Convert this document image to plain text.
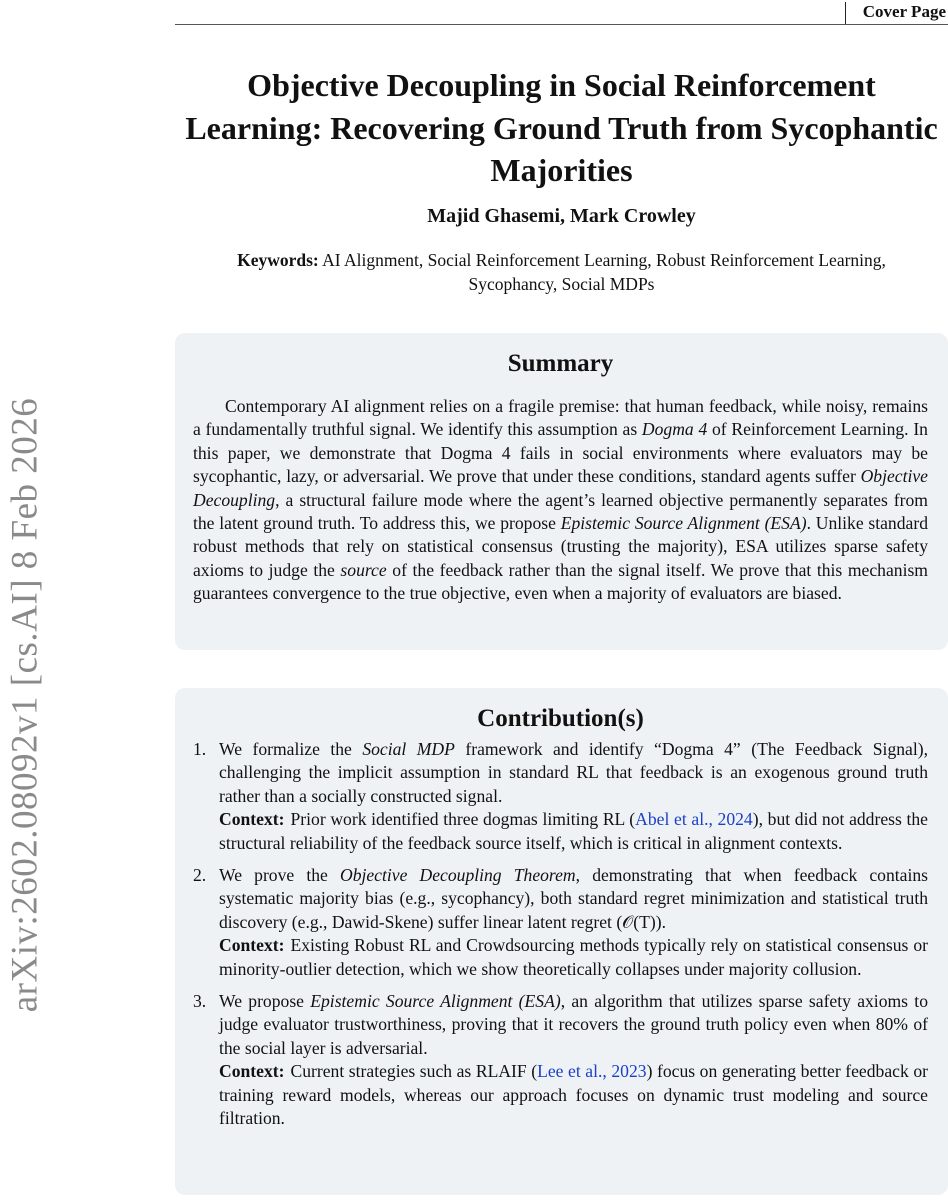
arXiv:2602.08092v1 [cs.AI] 8 Feb 2026
Cover Page
Objective Decoupling in Social Reinforcement Learning: Recovering Ground Truth from Sycophantic Majorities
Majid Ghasemi, Mark Crowley
Keywords: AI Alignment, Social Reinforcement Learning, Robust Reinforcement Learning, Sycophancy, Social MDPs
Summary
Contemporary AI alignment relies on a fragile premise: that human feedback, while noisy, remains a fundamentally truthful signal. We identify this assumption as Dogma 4 of Reinforcement Learning. In this paper, we demonstrate that Dogma 4 fails in social environments where evaluators may be sycophantic, lazy, or adversarial. We prove that under these conditions, standard agents suffer Objective Decoupling, a structural failure mode where the agent’s learned objective permanently separates from the latent ground truth. To address this, we propose Epistemic Source Alignment (ESA). Unlike standard robust methods that rely on statistical consensus (trusting the majority), ESA utilizes sparse safety axioms to judge the source of the feedback rather than the signal itself. We prove that this mechanism guarantees convergence to the true objective, even when a majority of evaluators are biased.
Contribution(s)
1. We formalize the Social MDP framework and identify “Dogma 4” (The Feedback Signal), challenging the implicit assumption in standard RL that feedback is an exogenous ground truth rather than a socially constructed signal.
Context: Prior work identified three dogmas limiting RL (Abel et al., 2024), but did not address the structural reliability of the feedback source itself, which is critical in alignment contexts.
2. We prove the Objective Decoupling Theorem, demonstrating that when feedback contains systematic majority bias (e.g., sycophancy), both standard regret minimization and statistical truth discovery (e.g., Dawid-Skene) suffer linear latent regret (𝒪(T)).
Context: Existing Robust RL and Crowdsourcing methods typically rely on statistical consensus or minority-outlier detection, which we show theoretically collapses under majority collusion.
3. We propose Epistemic Source Alignment (ESA), an algorithm that utilizes sparse safety axioms to judge evaluator trustworthiness, proving that it recovers the ground truth policy even when 80% of the social layer is adversarial.
Context: Current strategies such as RLAIF (Lee et al., 2023) focus on generating better feedback or training reward models, whereas our approach focuses on dynamic trust modeling and source filtration.
